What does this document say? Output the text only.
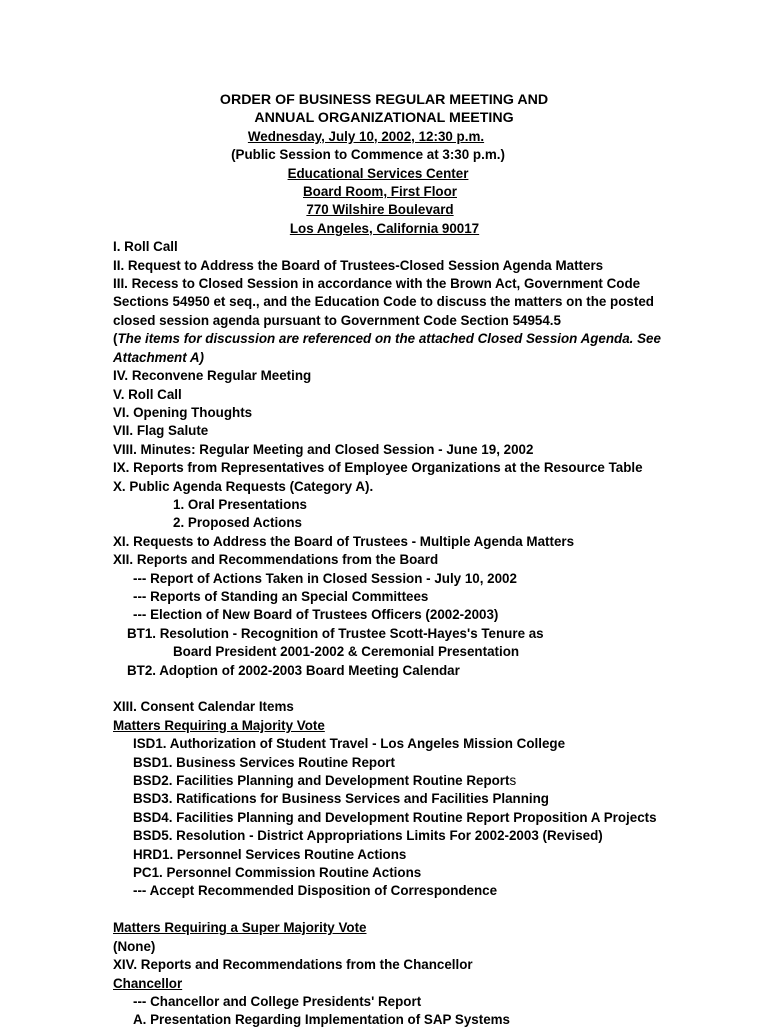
ORDER OF BUSINESS REGULAR MEETING AND
ANNUAL ORGANIZATIONAL MEETING
Wednesday, July 10, 2002, 12:30 p.m.
(Public Session to Commence at 3:30 p.m.)
Educational Services Center
Board Room, First Floor
770 Wilshire Boulevard
Los Angeles, California 90017
I. Roll Call
II. Request to Address the Board of Trustees-Closed Session Agenda Matters
III. Recess to Closed Session in accordance with the Brown Act, Government Code
Sections 54950 et seq., and the Education Code to discuss the matters on the posted
closed session agenda pursuant to Government Code Section 54954.5
(The items for discussion are referenced on the attached Closed Session Agenda. See
Attachment A)
IV. Reconvene Regular Meeting
V. Roll Call
VI. Opening Thoughts
VII. Flag Salute
VIII. Minutes: Regular Meeting and Closed Session - June 19, 2002
IX. Reports from Representatives of Employee Organizations at the Resource Table
X. Public Agenda Requests (Category A).
1. Oral Presentations
2. Proposed Actions
XI. Requests to Address the Board of Trustees - Multiple Agenda Matters
XII. Reports and Recommendations from the Board
--- Report of Actions Taken in Closed Session - July 10, 2002
--- Reports of Standing an Special Committees
--- Election of New Board of Trustees Officers (2002-2003)
BT1. Resolution - Recognition of Trustee Scott-Hayes's Tenure as
Board President 2001-2002 & Ceremonial Presentation
BT2. Adoption of 2002-2003 Board Meeting Calendar
XIII. Consent Calendar Items
Matters Requiring a Majority Vote
ISD1. Authorization of Student Travel - Los Angeles Mission College
BSD1. Business Services Routine Report
BSD2. Facilities Planning and Development Routine Reports
BSD3. Ratifications for Business Services and Facilities Planning
BSD4. Facilities Planning and Development Routine Report Proposition A Projects
BSD5. Resolution - District Appropriations Limits For 2002-2003 (Revised)
HRD1. Personnel Services Routine Actions
PC1. Personnel Commission Routine Actions
--- Accept Recommended Disposition of Correspondence
Matters Requiring a Super Majority Vote
(None)
XIV. Reports and Recommendations from the Chancellor
Chancellor
--- Chancellor and College Presidents' Report
A. Presentation Regarding Implementation of SAP Systems
